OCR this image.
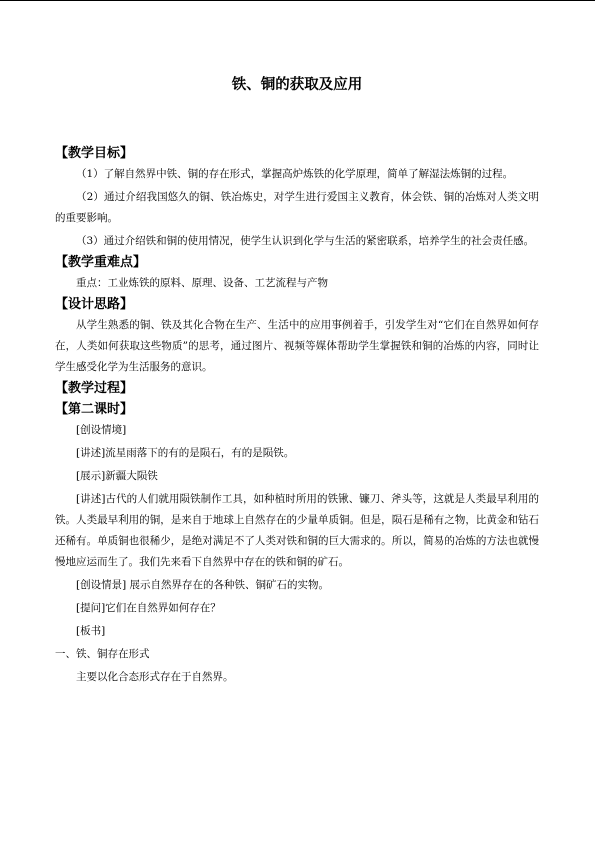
铁、铜的获取及应用

【教学目标】

（1）了解自然界中铁、铜的存在形式，掌握高炉炼铁的化学原理，简单了解湿法炼铜的过程。

（2）通过介绍我国悠久的铜、铁冶炼史，对学生进行爱国主义教育，体会铁、铜的冶炼对人类文明的重要影响。

（3）通过介绍铁和铜的使用情况，使学生认识到化学与生活的紧密联系，培养学生的社会责任感。

【教学重难点】

重点：工业炼铁的原料、原理、设备、工艺流程与产物

【设计思路】

从学生熟悉的铜、铁及其化合物在生产、生活中的应用事例着手，引发学生对“它们在自然界如何存在，人类如何获取这些物质”的思考，通过图片、视频等媒体帮助学生掌握铁和铜的冶炼的内容，同时让学生感受化学为生活服务的意识。

【教学过程】

【第二课时】

[创设情境]

[讲述]流星雨落下的有的是陨石，有的是陨铁。

[展示]新疆大陨铁

[讲述]古代的人们就用陨铁制作工具，如种植时所用的铁锹、镰刀、斧头等，这就是人类最早利用的铁。人类最早利用的铜，是来自于地球上自然存在的少量单质铜。但是，陨石是稀有之物，比黄金和钻石还稀有。单质铜也很稀少，是绝对满足不了人类对铁和铜的巨大需求的。所以，简易的冶炼的方法也就慢慢地应运而生了。我们先来看下自然界中存在的铁和铜的矿石。

[创设情景] 展示自然界存在的各种铁、铜矿石的实物。

[提问]它们在自然界如何存在？

[板书]

一、铁、铜存在形式

主要以化合态形式存在于自然界。
